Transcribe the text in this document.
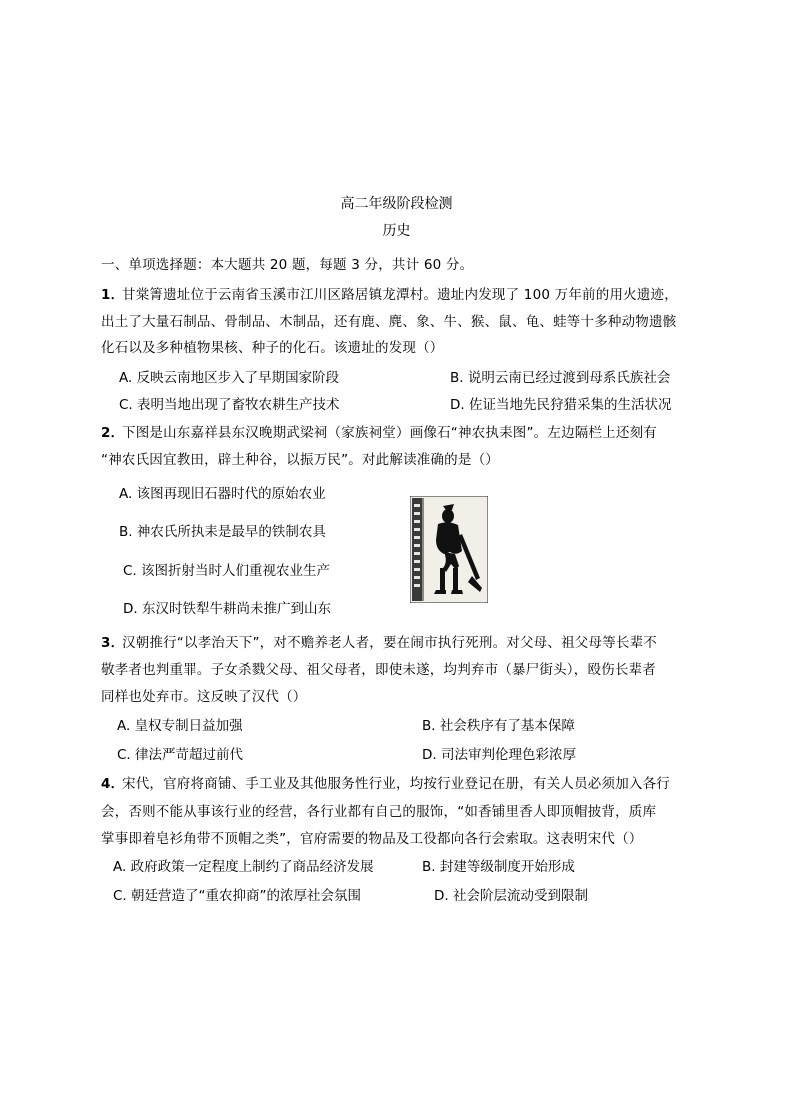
高二年级阶段检测
历史
一、单项选择题：本大题共 20 题，每题 3 分，共计 60 分。
1．
甘棠箐遗址位于云南省玉溪市江川区路居镇龙潭村。遗址内发现了 100 万年前的用火遗迹，
出土了大量石制品、骨制品、木制品，还有鹿、麂、象、牛、猴、鼠、龟、蛙等十多种动物遗骸
化石以及多种植物果核、种子的化石。该遗址的发现（）
A. 反映云南地区步入了早期国家阶段	B. 说明云南已经过渡到母系氏族社会
C. 表明当地出现了畜牧农耕生产技术	D. 佐证当地先民狩猎采集的生活状况
2．
下图是山东嘉祥县东汉晚期武梁祠（家族祠堂）画像石“神农执耒图”。左边隔栏上还刻有
“神农氏因宜教田，辟土种谷，以振万民”。对此解读准确的是（）
A. 该图再现旧石器时代的原始农业
B. 神农氏所执耒是最早的铁制农具
C. 该图折射当时人们重视农业生产
D. 东汉时铁犁牛耕尚未推广到山东
3．
汉朝推行“以孝治天下”，对不赡养老人者，要在闹市执行死刑。对父母、祖父母等长辈不
敬孝者也判重罪。子女杀戮父母、祖父母者，即使未遂，均判弃市（暴尸街头），殴伤长辈者
同样也处弃市。这反映了汉代（）
A. 皇权专制日益加强	B. 社会秩序有了基本保障
C. 律法严苛超过前代	D. 司法审判伦理色彩浓厚
4．
宋代，官府将商铺、手工业及其他服务性行业，均按行业登记在册，有关人员必须加入各行
会，否则不能从事该行业的经营，各行业都有自己的服饰，“如香铺里香人即顶帽披背，质库
掌事即着皂衫角带不顶帽之类”，官府需要的物品及工役都向各行会索取。这表明宋代（）
A. 政府政策一定程度上制约了商品经济发展	B. 封建等级制度开始形成
C. 朝廷营造了“重农抑商”的浓厚社会氛围	D. 社会阶层流动受到限制
